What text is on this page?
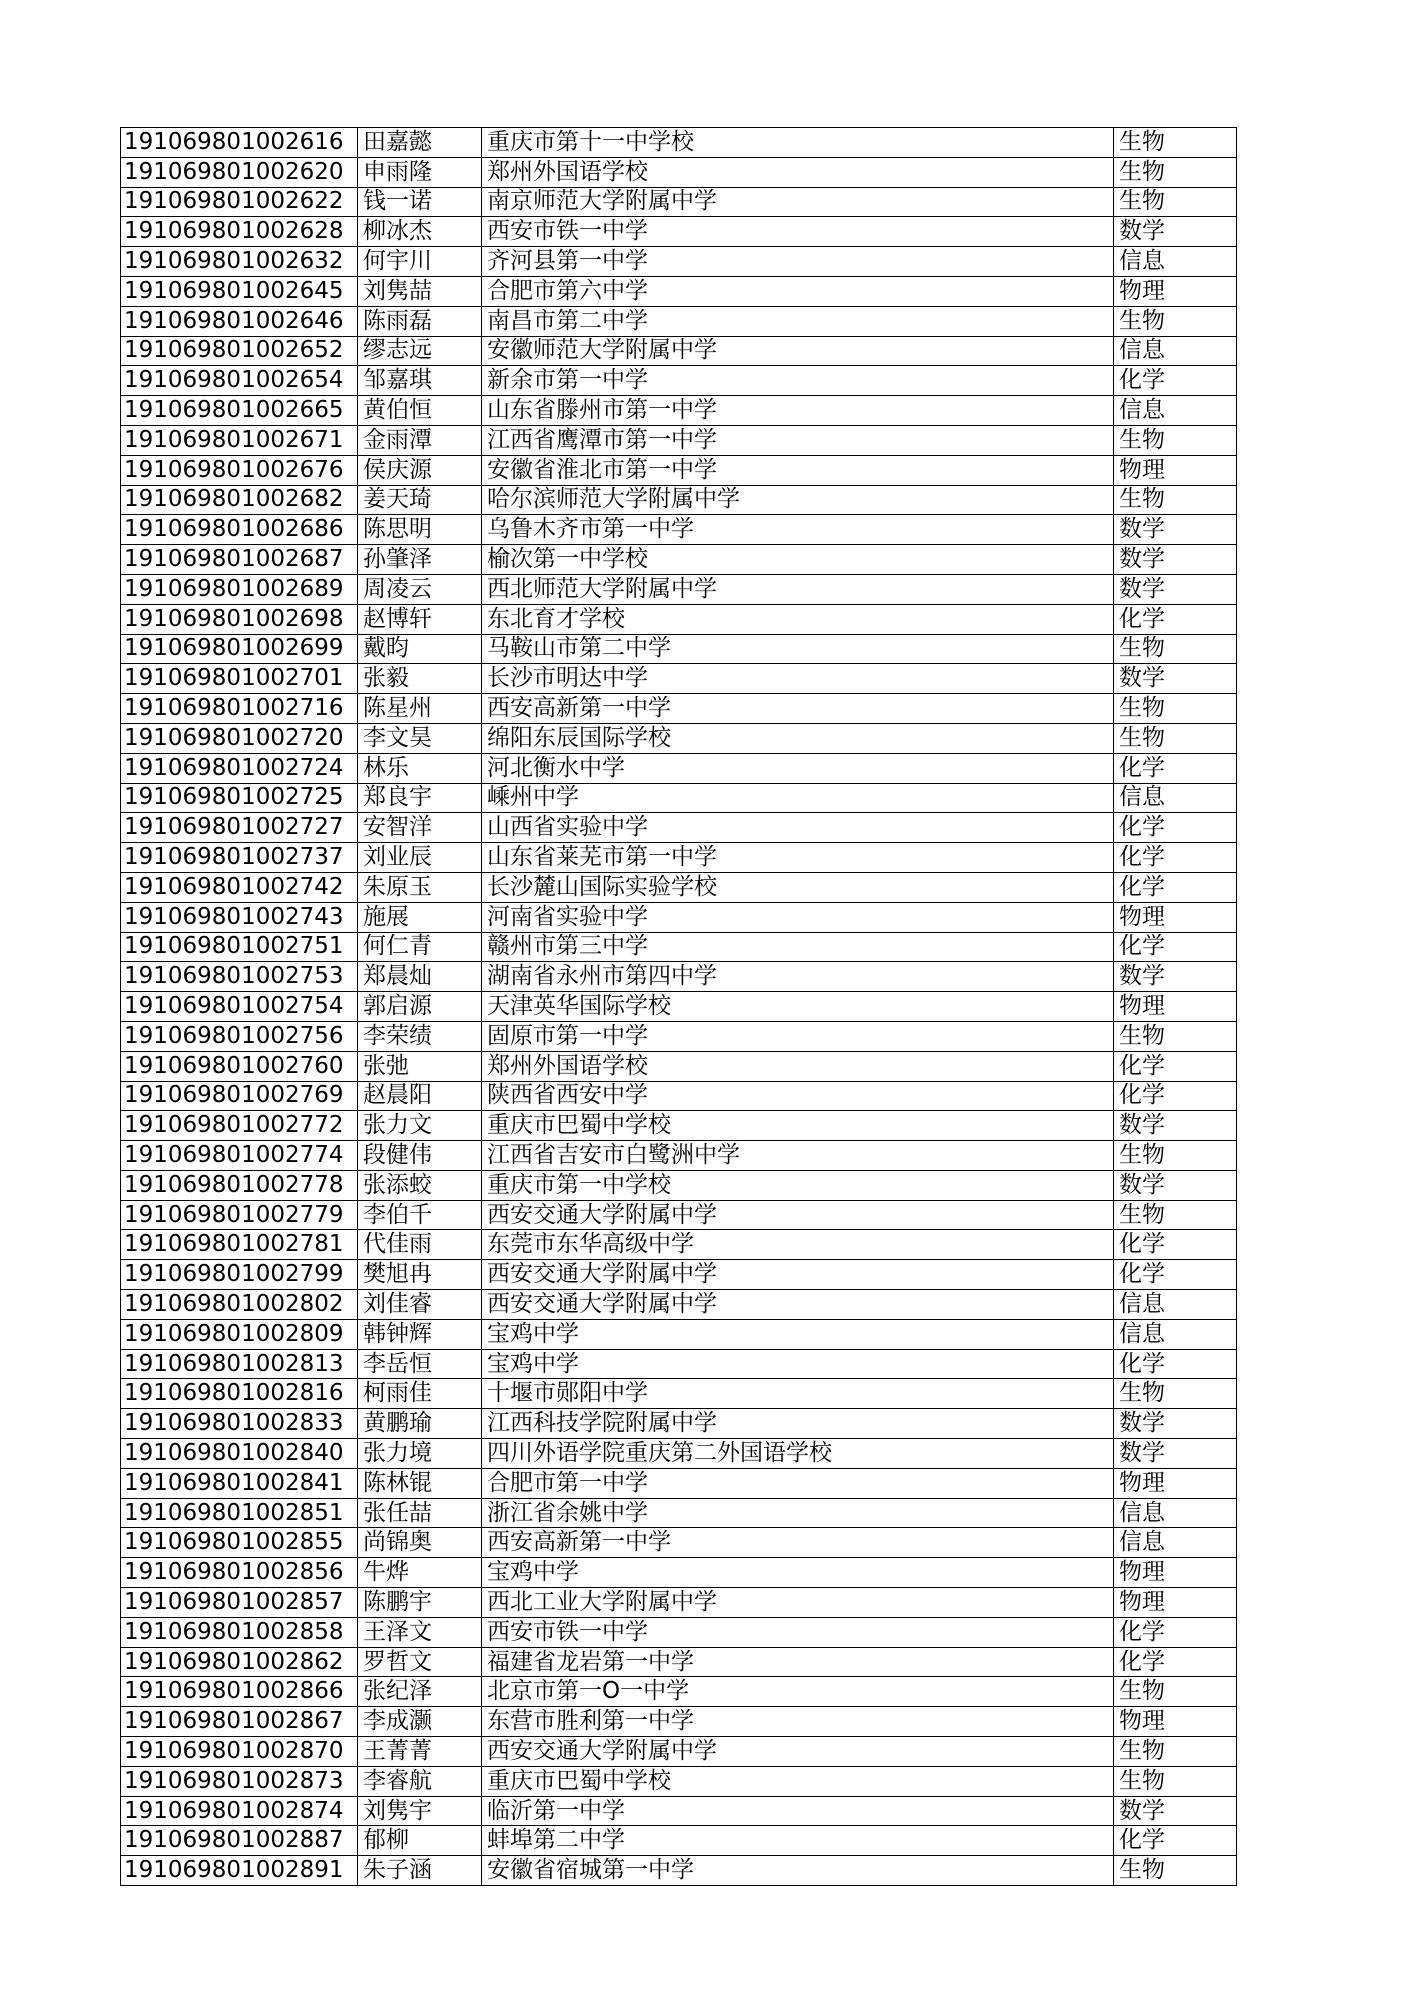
191069801002616	田嘉懿	重庆市第十一中学校	生物
191069801002620	申雨隆	郑州外国语学校	生物
191069801002622	钱一诺	南京师范大学附属中学	生物
191069801002628	柳冰杰	西安市铁一中学	数学
191069801002632	何宇川	齐河县第一中学	信息
191069801002645	刘隽喆	合肥市第六中学	物理
191069801002646	陈雨磊	南昌市第二中学	生物
191069801002652	缪志远	安徽师范大学附属中学	信息
191069801002654	邹嘉琪	新余市第一中学	化学
191069801002665	黄伯恒	山东省滕州市第一中学	信息
191069801002671	金雨潭	江西省鹰潭市第一中学	生物
191069801002676	侯庆源	安徽省淮北市第一中学	物理
191069801002682	姜天琦	哈尔滨师范大学附属中学	生物
191069801002686	陈思明	乌鲁木齐市第一中学	数学
191069801002687	孙肇泽	榆次第一中学校	数学
191069801002689	周凌云	西北师范大学附属中学	数学
191069801002698	赵博轩	东北育才学校	化学
191069801002699	戴昀	马鞍山市第二中学	生物
191069801002701	张毅	长沙市明达中学	数学
191069801002716	陈星州	西安高新第一中学	生物
191069801002720	李文昊	绵阳东辰国际学校	生物
191069801002724	林乐	河北衡水中学	化学
191069801002725	郑良宇	嵊州中学	信息
191069801002727	安智洋	山西省实验中学	化学
191069801002737	刘业辰	山东省莱芜市第一中学	化学
191069801002742	朱原玉	长沙麓山国际实验学校	化学
191069801002743	施展	河南省实验中学	物理
191069801002751	何仁青	赣州市第三中学	化学
191069801002753	郑晨灿	湖南省永州市第四中学	数学
191069801002754	郭启源	天津英华国际学校	物理
191069801002756	李荣绩	固原市第一中学	生物
191069801002760	张弛	郑州外国语学校	化学
191069801002769	赵晨阳	陕西省西安中学	化学
191069801002772	张力文	重庆市巴蜀中学校	数学
191069801002774	段健伟	江西省吉安市白鹭洲中学	生物
191069801002778	张添蛟	重庆市第一中学校	数学
191069801002779	李伯千	西安交通大学附属中学	生物
191069801002781	代佳雨	东莞市东华高级中学	化学
191069801002799	樊旭冉	西安交通大学附属中学	化学
191069801002802	刘佳睿	西安交通大学附属中学	信息
191069801002809	韩钟辉	宝鸡中学	信息
191069801002813	李岳恒	宝鸡中学	化学
191069801002816	柯雨佳	十堰市郧阳中学	生物
191069801002833	黄鹏瑜	江西科技学院附属中学	数学
191069801002840	张力境	四川外语学院重庆第二外国语学校	数学
191069801002841	陈林锟	合肥市第一中学	物理
191069801002851	张任喆	浙江省余姚中学	信息
191069801002855	尚锦奥	西安高新第一中学	信息
191069801002856	牛烨	宝鸡中学	物理
191069801002857	陈鹏宇	西北工业大学附属中学	物理
191069801002858	王泽文	西安市铁一中学	化学
191069801002862	罗哲文	福建省龙岩第一中学	化学
191069801002866	张纪泽	北京市第一O一中学	生物
191069801002867	李成灏	东营市胜利第一中学	物理
191069801002870	王菁菁	西安交通大学附属中学	生物
191069801002873	李睿航	重庆市巴蜀中学校	生物
191069801002874	刘隽宇	临沂第一中学	数学
191069801002887	郁柳	蚌埠第二中学	化学
191069801002891	朱子涵	安徽省宿城第一中学	生物
